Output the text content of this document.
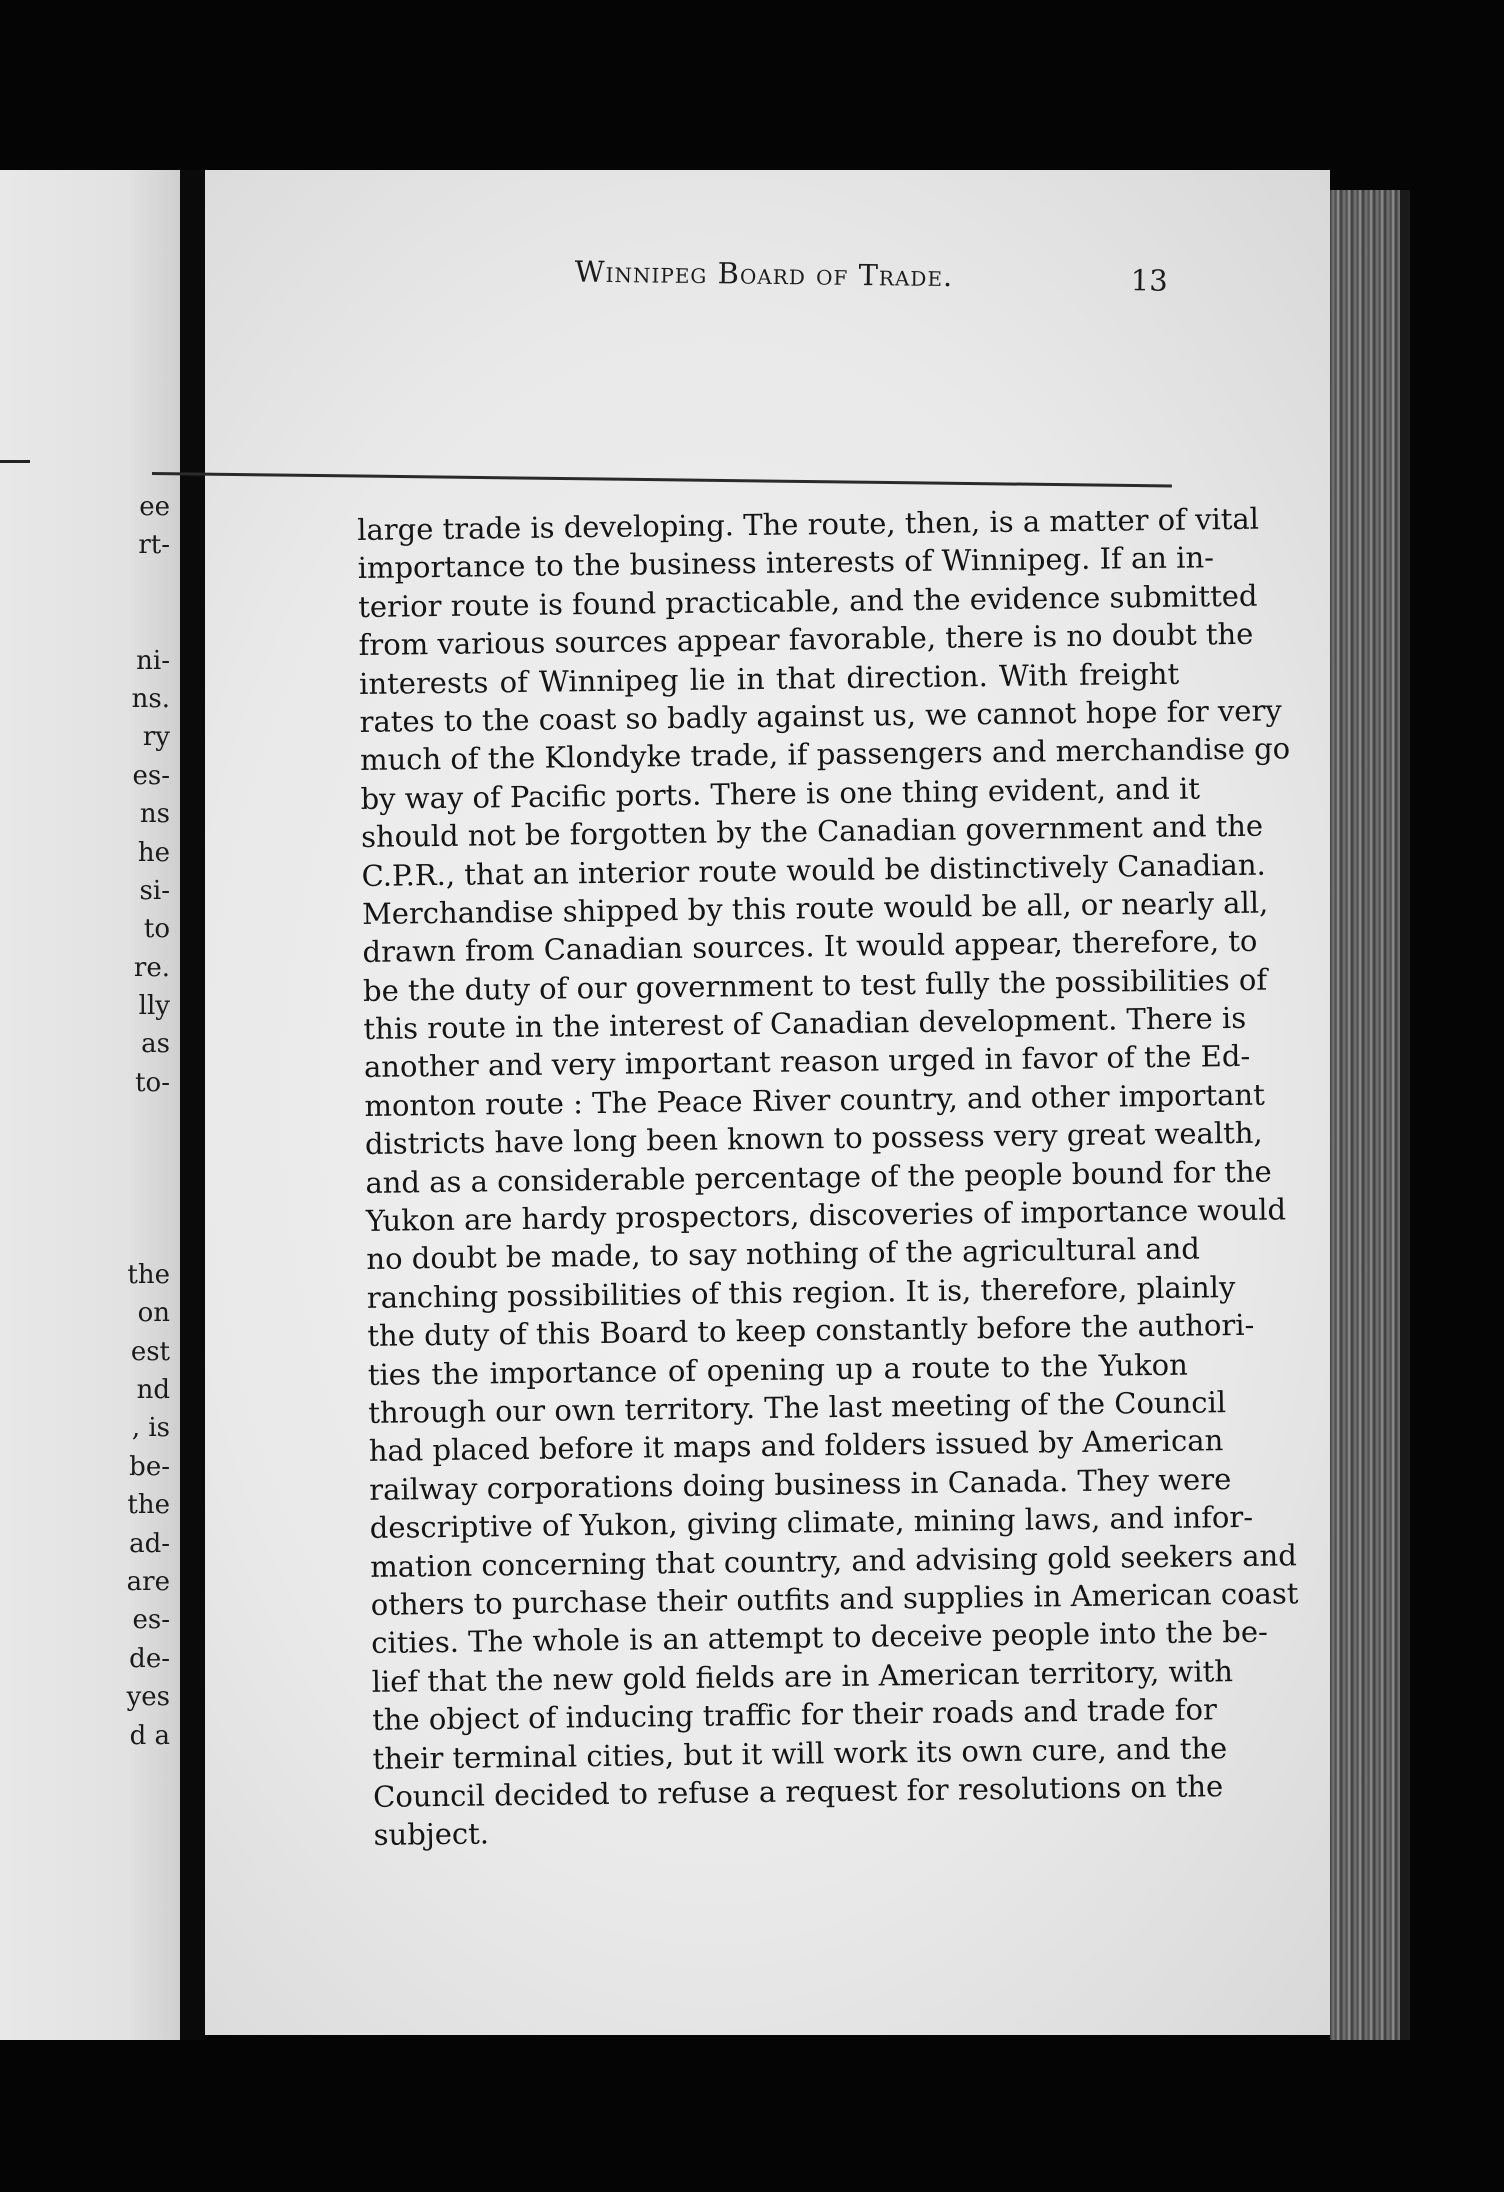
ee
rt-
ni-
ns.
ry
es-
ns
he
si-
to
re.
lly
as
to-
the
on
est
nd
, is
be-
the
ad-
are
es-
de-
yes
d a
Winnipeg Board of Trade.	13
large trade is developing. The route, then, is a matter of vital
importance to the business interests of Winnipeg. If an in-
terior route is found practicable, and the evidence submitted
from various sources appear favorable, there is no doubt the
interests of Winnipeg lie in that direction. With freight
rates to the coast so badly against us, we cannot hope for very
much of the Klondyke trade, if passengers and merchandise go
by way of Pacific ports. There is one thing evident, and it
should not be forgotten by the Canadian government and the
C.P.R., that an interior route would be distinctively Canadian.
Merchandise shipped by this route would be all, or nearly all,
drawn from Canadian sources. It would appear, therefore, to
be the duty of our government to test fully the possibilities of
this route in the interest of Canadian development. There is
another and very important reason urged in favor of the Ed-
monton route : The Peace River country, and other important
districts have long been known to possess very great wealth,
and as a considerable percentage of the people bound for the
Yukon are hardy prospectors, discoveries of importance would
no doubt be made, to say nothing of the agricultural and
ranching possibilities of this region. It is, therefore, plainly
the duty of this Board to keep constantly before the authori-
ties the importance of opening up a route to the Yukon
through our own territory. The last meeting of the Council
had placed before it maps and folders issued by American
railway corporations doing business in Canada. They were
descriptive of Yukon, giving climate, mining laws, and infor-
mation concerning that country, and advising gold seekers and
others to purchase their outfits and supplies in American coast
cities. The whole is an attempt to deceive people into the be-
lief that the new gold fields are in American territory, with
the object of inducing traffic for their roads and trade for
their terminal cities, but it will work its own cure, and the
Council decided to refuse a request for resolutions on the
subject.
